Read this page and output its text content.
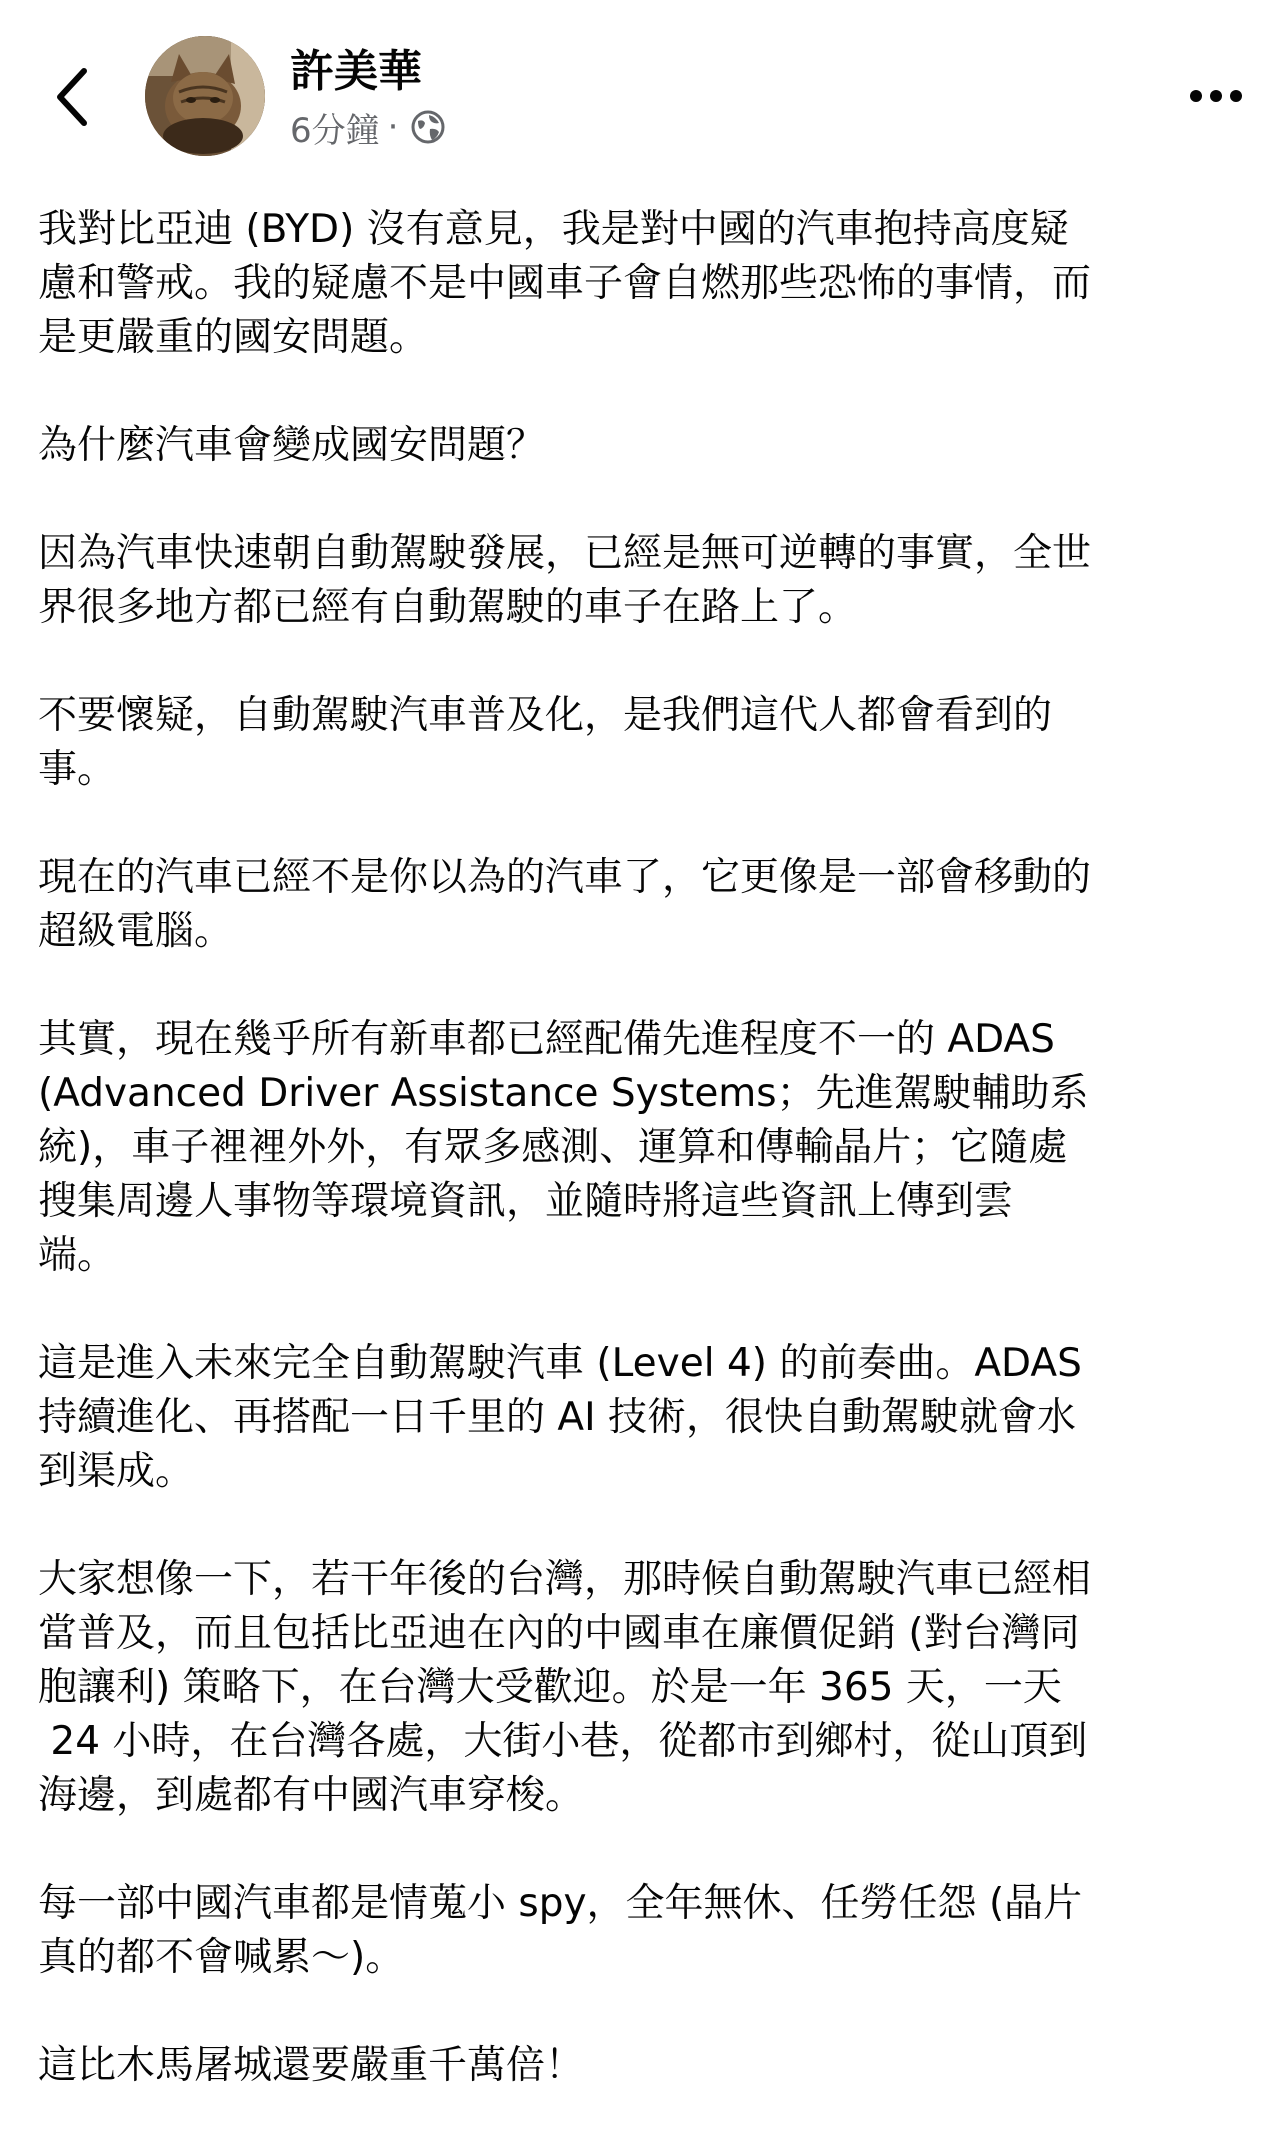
許美華
6分鐘 ·

我對比亞迪 (BYD) 沒有意見，我是對中國的汽車抱持高度疑
慮和警戒。我的疑慮不是中國車子會自燃那些恐怖的事情，而
是更嚴重的國安問題。

為什麼汽車會變成國安問題？

因為汽車快速朝自動駕駛發展，已經是無可逆轉的事實，全世
界很多地方都已經有自動駕駛的車子在路上了。

不要懷疑，自動駕駛汽車普及化，是我們這代人都會看到的
事。

現在的汽車已經不是你以為的汽車了，它更像是一部會移動的
超級電腦。

其實，現在幾乎所有新車都已經配備先進程度不一的 ADAS
(Advanced Driver Assistance Systems；先進駕駛輔助系
統)，車子裡裡外外，有眾多感測、運算和傳輸晶片；它隨處
搜集周邊人事物等環境資訊，並隨時將這些資訊上傳到雲
端。

這是進入未來完全自動駕駛汽車 (Level 4) 的前奏曲。ADAS
持續進化、再搭配一日千里的 AI 技術，很快自動駕駛就會水
到渠成。

大家想像一下，若干年後的台灣，那時候自動駕駛汽車已經相
當普及，而且包括比亞迪在內的中國車在廉價促銷 (對台灣同
胞讓利) 策略下，在台灣大受歡迎。於是一年 365 天，一天
24 小時，在台灣各處，大街小巷，從都市到鄉村，從山頂到
海邊，到處都有中國汽車穿梭。

每一部中國汽車都是情蒐小 spy，全年無休、任勞任怨 (晶片
真的都不會喊累～)。

這比木馬屠城還要嚴重千萬倍！
